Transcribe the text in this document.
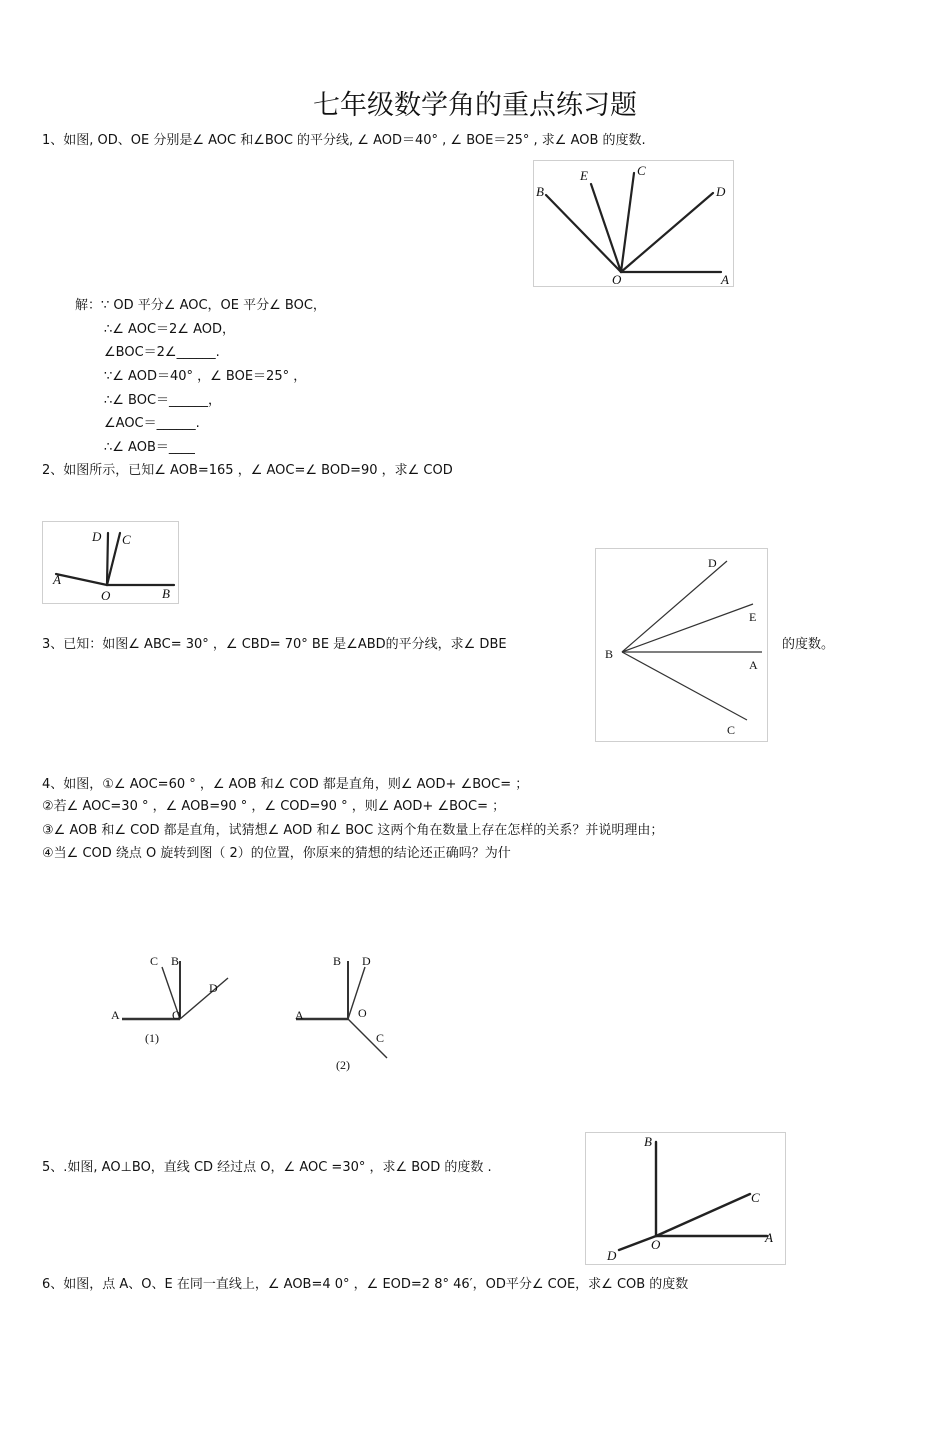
七年级数学角的重点练习题
1、如图, OD、OE 分别是∠ AOC 和∠BOC 的平分线, ∠ AOD＝40° , ∠ BOE＝25° , 求∠ AOB 的度数.
B
E	C
D
O	A
解：∵ OD 平分∠ AOC，OE 平分∠ BOC，
∴∠ AOC＝2∠ AOD，
∠BOC＝2∠______.
∵∠ AOD＝40° ，∠ BOE＝25° ，
∴∠ BOC＝______，
∠AOC＝______.
∴∠ AOB＝____
2、如图所示，已知∠ AOB=165 ，∠ AOC=∠ BOD=90 ，求∠ COD
D C
A
O	B
3、已知：如图∠ ABC= 30° ，∠ CBD= 70° BE 是∠ABD的平分线，求∠ DBE	的度数。
D
E
B
A
C
4、如图，①∠ AOC=60 ° ，∠ AOB 和∠ COD 都是直角，则∠ AOD+ ∠BOC= ；
②若∠ AOC=30 ° ，∠ AOB=90 ° ，∠ COD=90 ° ，则∠ AOD+ ∠BOC= ；
③∠ AOB 和∠ COD 都是直角，试猜想∠ AOD 和∠ BOC 这两个角在数量上存在怎样的关系？并说明理由；
④当∠ COD 绕点 O 旋转到图（ 2）的位置，你原来的猜想的结论还正确吗？为什
C B
D
A	O
(1)
B D
A	O
C
(2)
5、.如图, AO⊥BO，直线 CD 经过点 O，∠ AOC =30° ，求∠ BOD 的度数 .
B
C
A
O
D
6、如图，点 A、O、E 在同一直线上，∠ AOB=4 0° ，∠ EOD=2 8° 46′，OD平分∠ COE，求∠ COB 的度数
